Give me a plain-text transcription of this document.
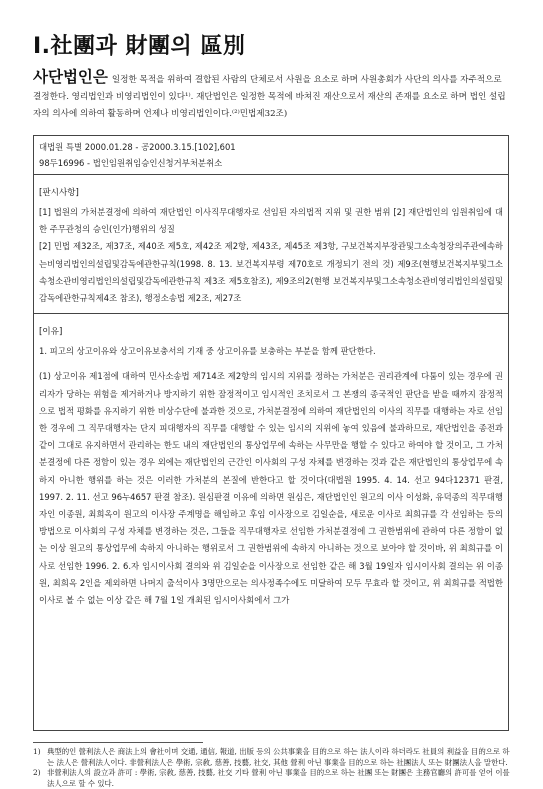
Ⅰ.社團과 財團의 區別
사단법인은 일정한 목적을 위하여 결합된 사람의 단체로서 사원을 요소로 하며 사원총회가 사단의 의사를 자주적으로 결정한다. 영리법인과 비영리법인이 있다¹⁾. 재단법인은 일정한 목적에 바쳐진 재산으로서 재산의 존재를 요소로 하며 법인 설립자의 의사에 의하여 활동하며 언제나 비영리법인이다.⁽²⁾민법제32조)
대법원 특별 2000.01.28 - 공2000.3.15.[102],601
98두16996 - 법인임원취임승인신청거부처분취소
[판시사항]

[1] 법원의 가처분결정에 의하여 재단법인 이사직무대행자로 선임된 자의법적 지위 및 권한 범위 [2] 재단법인의 임원취임에 대한 주무관청의 승인(인가)행위의 성질

[2] 민법 제32조, 제37조, 제40조 제5호, 제42조 제2항, 제43조, 제45조 제3항, 구보건복지부장관및그소속청장의주관에속하는비영리법인의설립및감독에관한규칙(1998. 8. 13. 보건복지부령 제70호로 개정되기 전의 것) 제9조(현행보건복지부및그소속청소관비영리법인의설립및감독에관한규칙 제3조 제5호참조), 제9조의2(현행 보건복지부및그소속청소관비영리법인의설립및감독에관한규칙제4조 참조), 행정소송법 제2조, 제27조

[이유]

1. 피고의 상고이유와 상고이유보충서의 기재 중 상고이유를 보충하는 부분을 함께 판단한다.

(1) 상고이유 제1점에 대하여 민사소송법 제714조 제2항의 임시의 지위를 정하는 가처분은 권리관계에 다툼이 있는 경우에 권리자가 당하는 위험을 제거하거나 방지하기 위한 잠정적이고 임시적인 조치로서 그 본쟁의 종국적인 판단을 받을 때까지 잠정적으로 법적 평화를 유지하기 위한 비상수단에 불과한 것으로, 가처분결정에 의하여 재단법인의 이사의 직무를 대행하는 자로 선임한 경우에 그 직무대행자는 단지 피대행자의 직무를 대행할 수 있는 임시의 지위에 놓여 있음에 불과하므로, 재단법인을 종전과 같이 그대로 유지하면서 관리하는 한도 내의 재단법인의 통상업무에 속하는 사무만을 행할 수 있다고 하여야 할 것이고, 그 가처분결정에 다른 정함이 있는 경우 외에는 재단법인의 근간인 이사회의 구성 자체를 변경하는 것과 같은 재단법인의 통상업무에 속하지 아니한 행위를 하는 것은 이러한 가처분의 본질에 반한다고 할 것이다(대법원 1995. 4. 14. 선고 94다12371 판결, 1997. 2. 11. 선고 96누4657 판결 참조). 원심판결 이유에 의하면 원심은, 재단법인인 원고의 이사 이성화, 유덕종의 직무대행자인 이종원, 최희옥이 원고의 이사장 주계명을 해임하고 후임 이사장으로 김일순을, 새로운 이사로 최희규를 각 선임하는 등의 방법으로 이사회의 구성 자체를 변경하는 것은, 그들을 직무대행자로 선임한 가처분결정에 그 권한범위에 관하여 다른 정함이 없는 이상 원고의 통상업무에 속하지 아니하는 행위로서 그 권한범위에 속하지 아니하는 것으로 보아야 할 것이바, 위 최희규를 이사로 선임한 1996. 2. 6.자 임시이사회 결의와 위 김일순을 이사장으로 선임한 같은 해 3월 19일자 임시이사회 결의는 위 이종원, 최희옥 2인을 제외하면 나머지 출석이사 3명만으로는 의사정족수에도 미달하여 모두 무효라 할 것이고, 위 최희규를 적법한 이사로 볼 수 없는 이상 같은 해 7월 1일 개최된 임시이사회에서 그가

1) 典型的인 營利法人은 商法上의 會社이며 交通, 通信, 報道, 出版 등의 公共事業을 目的으로 하는 法人이라 하더라도 社員의 利益을 目的으로 하는 法人은 營利法人이다. 非營利法人은 學術, 宗敎, 慈善, 技藝, 社交, 其他 營利 아닌 事業을 目的으로 하는 社團法人 또는 財團法人을 말한다.
2) 非營利法人의 設立과 許可 : 學術, 宗敎, 慈善, 技藝, 社交 기타 營利 아닌 事業을 目的으로 하는 社團 또는 財團은 主務官廳의 許可를 얻어 이를 法人으로 할 수 있다.
